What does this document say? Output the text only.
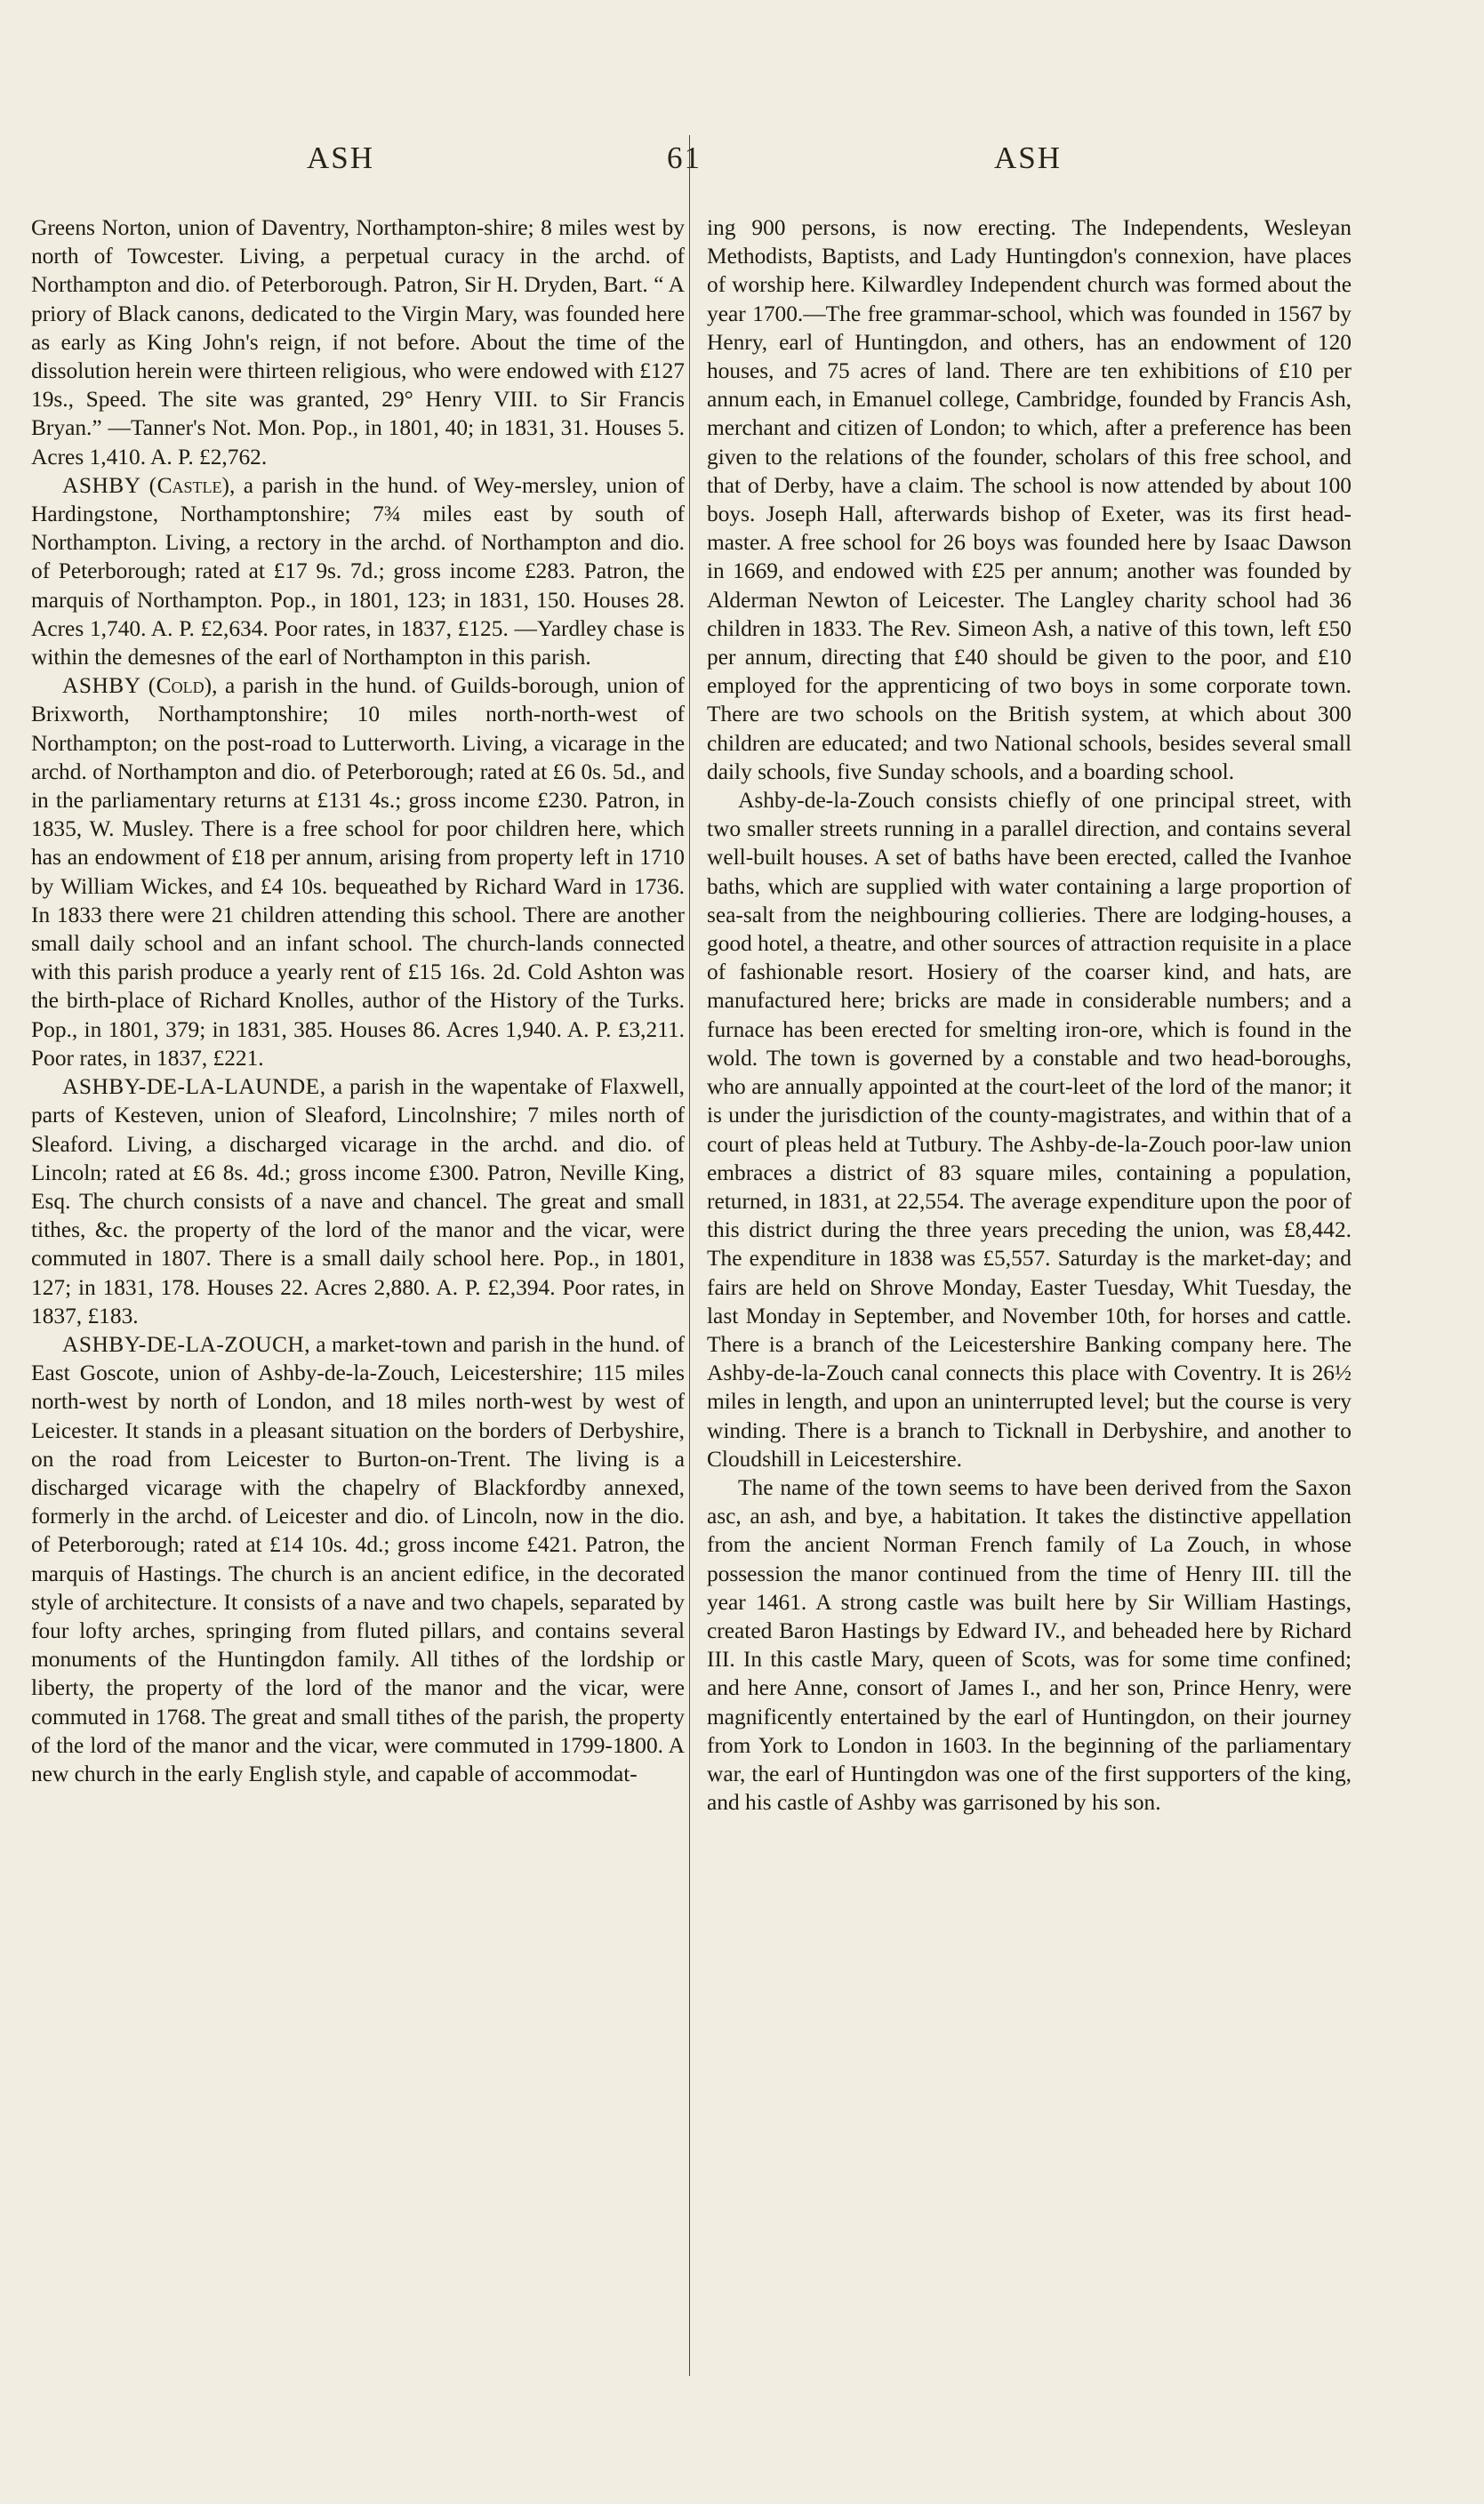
ASH	61	ASH

Greens Norton, union of Daventry, Northampton-shire; 8 miles west by north of Towcester. Living, a perpetual curacy in the archd. of Northampton and dio. of Peterborough. Patron, Sir H. Dryden, Bart. “ A priory of Black canons, dedicated to the Virgin Mary, was founded here as early as King John's reign, if not before. About the time of the dissolution herein were thirteen religious, who were endowed with £127 19s., Speed. The site was granted, 29° Henry VIII. to Sir Francis Bryan.” —Tanner's Not. Mon. Pop., in 1801, 40; in 1831, 31. Houses 5. Acres 1,410. A. P. £2,762.

ASHBY (Castle), a parish in the hund. of Wey-mersley, union of Hardingstone, Northamptonshire; 7¾ miles east by south of Northampton. Living, a rectory in the archd. of Northampton and dio. of Peterborough; rated at £17 9s. 7d.; gross income £283. Patron, the marquis of Northampton. Pop., in 1801, 123; in 1831, 150. Houses 28. Acres 1,740. A. P. £2,634. Poor rates, in 1837, £125. —Yardley chase is within the demesnes of the earl of Northampton in this parish.

ASHBY (Cold), a parish in the hund. of Guilds-borough, union of Brixworth, Northamptonshire; 10 miles north-north-west of Northampton; on the post-road to Lutterworth. Living, a vicarage in the archd. of Northampton and dio. of Peterborough; rated at £6 0s. 5d., and in the parliamentary returns at £131 4s.; gross income £230. Patron, in 1835, W. Musley. There is a free school for poor children here, which has an endowment of £18 per annum, arising from property left in 1710 by William Wickes, and £4 10s. bequeathed by Richard Ward in 1736. In 1833 there were 21 children attending this school. There are another small daily school and an infant school. The church-lands connected with this parish produce a yearly rent of £15 16s. 2d. Cold Ashton was the birth-place of Richard Knolles, author of the History of the Turks. Pop., in 1801, 379; in 1831, 385. Houses 86. Acres 1,940. A. P. £3,211. Poor rates, in 1837, £221.

ASHBY-DE-LA-LAUNDE, a parish in the wapentake of Flaxwell, parts of Kesteven, union of Sleaford, Lincolnshire; 7 miles north of Sleaford. Living, a discharged vicarage in the archd. and dio. of Lincoln; rated at £6 8s. 4d.; gross income £300. Patron, Neville King, Esq. The church consists of a nave and chancel. The great and small tithes, &c. the property of the lord of the manor and the vicar, were commuted in 1807. There is a small daily school here. Pop., in 1801, 127; in 1831, 178. Houses 22. Acres 2,880. A. P. £2,394. Poor rates, in 1837, £183.

ASHBY-DE-LA-ZOUCH, a market-town and parish in the hund. of East Goscote, union of Ashby-de-la-Zouch, Leicestershire; 115 miles north-west by north of London, and 18 miles north-west by west of Leicester. It stands in a pleasant situation on the borders of Derbyshire, on the road from Leicester to Burton-on-Trent. The living is a discharged vicarage with the chapelry of Blackfordby annexed, formerly in the archd. of Leicester and dio. of Lincoln, now in the dio. of Peterborough; rated at £14 10s. 4d.; gross income £421. Patron, the marquis of Hastings. The church is an ancient edifice, in the decorated style of architecture. It consists of a nave and two chapels, separated by four lofty arches, springing from fluted pillars, and contains several monuments of the Huntingdon family. All tithes of the lordship or liberty, the property of the lord of the manor and the vicar, were commuted in 1768. The great and small tithes of the parish, the property of the lord of the manor and the vicar, were commuted in 1799-1800. A new church in the early English style, and capable of accommodat-

ing 900 persons, is now erecting. The Independents, Wesleyan Methodists, Baptists, and Lady Huntingdon's connexion, have places of worship here. Kilwardley Independent church was formed about the year 1700.—The free grammar-school, which was founded in 1567 by Henry, earl of Huntingdon, and others, has an endowment of 120 houses, and 75 acres of land. There are ten exhibitions of £10 per annum each, in Emanuel college, Cambridge, founded by Francis Ash, merchant and citizen of London; to which, after a preference has been given to the relations of the founder, scholars of this free school, and that of Derby, have a claim. The school is now attended by about 100 boys. Joseph Hall, afterwards bishop of Exeter, was its first head-master. A free school for 26 boys was founded here by Isaac Dawson in 1669, and endowed with £25 per annum; another was founded by Alderman Newton of Leicester. The Langley charity school had 36 children in 1833. The Rev. Simeon Ash, a native of this town, left £50 per annum, directing that £40 should be given to the poor, and £10 employed for the apprenticing of two boys in some corporate town. There are two schools on the British system, at which about 300 children are educated; and two National schools, besides several small daily schools, five Sunday schools, and a boarding school.

Ashby-de-la-Zouch consists chiefly of one principal street, with two smaller streets running in a parallel direction, and contains several well-built houses. A set of baths have been erected, called the Ivanhoe baths, which are supplied with water containing a large proportion of sea-salt from the neighbouring collieries. There are lodging-houses, a good hotel, a theatre, and other sources of attraction requisite in a place of fashionable resort. Hosiery of the coarser kind, and hats, are manufactured here; bricks are made in considerable numbers; and a furnace has been erected for smelting iron-ore, which is found in the wold. The town is governed by a constable and two head-boroughs, who are annually appointed at the court-leet of the lord of the manor; it is under the jurisdiction of the county-magistrates, and within that of a court of pleas held at Tutbury. The Ashby-de-la-Zouch poor-law union embraces a district of 83 square miles, containing a population, returned, in 1831, at 22,554. The average expenditure upon the poor of this district during the three years preceding the union, was £8,442. The expenditure in 1838 was £5,557. Saturday is the market-day; and fairs are held on Shrove Monday, Easter Tuesday, Whit Tuesday, the last Monday in September, and November 10th, for horses and cattle. There is a branch of the Leicestershire Banking company here. The Ashby-de-la-Zouch canal connects this place with Coventry. It is 26½ miles in length, and upon an uninterrupted level; but the course is very winding. There is a branch to Ticknall in Derbyshire, and another to Cloudshill in Leicestershire.

The name of the town seems to have been derived from the Saxon asc, an ash, and bye, a habitation. It takes the distinctive appellation from the ancient Norman French family of La Zouch, in whose possession the manor continued from the time of Henry III. till the year 1461. A strong castle was built here by Sir William Hastings, created Baron Hastings by Edward IV., and beheaded here by Richard III. In this castle Mary, queen of Scots, was for some time confined; and here Anne, consort of James I., and her son, Prince Henry, were magnificently entertained by the earl of Huntingdon, on their journey from York to London in 1603. In the beginning of the parliamentary war, the earl of Huntingdon was one of the first supporters of the king, and his castle of Ashby was garrisoned by his son.
